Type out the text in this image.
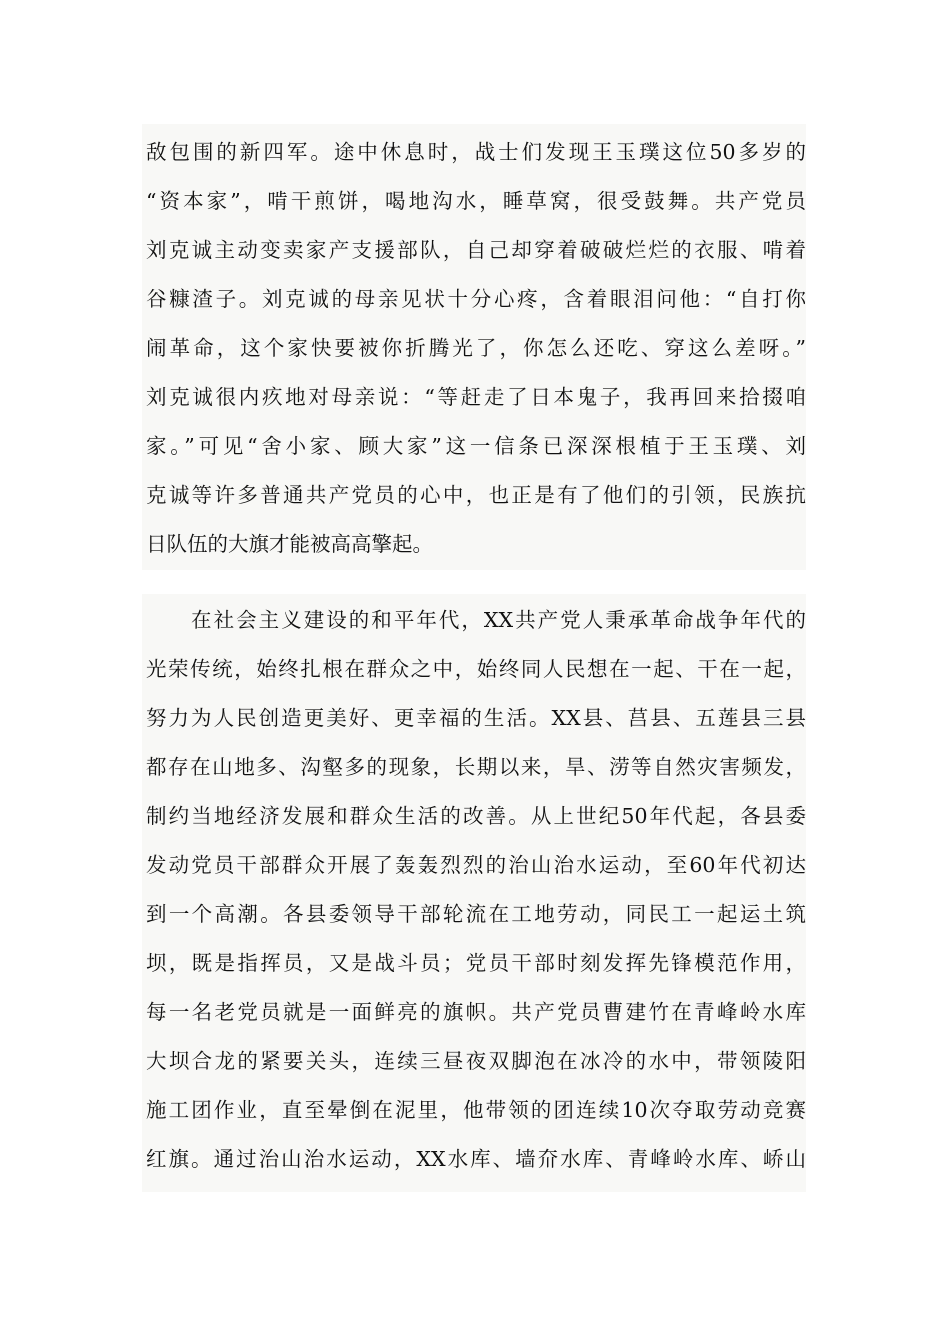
敌包围的新四军。途中休息时，战士们发现王玉璞这位50多岁的
“资本家”，啃干煎饼，喝地沟水，睡草窝，很受鼓舞。共产党员
刘克诚主动变卖家产支援部队，自己却穿着破破烂烂的衣服、啃着
谷糠渣子。刘克诚的母亲见状十分心疼，含着眼泪问他：“自打你
闹革命，这个家快要被你折腾光了，你怎么还吃、穿这么差呀。”
刘克诚很内疚地对母亲说：“等赶走了日本鬼子，我再回来拾掇咱
家。”可见“舍小家、顾大家”这一信条已深深根植于王玉璞、刘
克诚等许多普通共产党员的心中，也正是有了他们的引领，民族抗
日队伍的大旗才能被高高擎起。
　　在社会主义建设的和平年代，XX共产党人秉承革命战争年代的
光荣传统，始终扎根在群众之中，始终同人民想在一起、干在一起，
努力为人民创造更美好、更幸福的生活。XX县、莒县、五莲县三县
都存在山地多、沟壑多的现象，长期以来，旱、涝等自然灾害频发，
制约当地经济发展和群众生活的改善。从上世纪50年代起，各县委
发动党员干部群众开展了轰轰烈烈的治山治水运动，至60年代初达
到一个高潮。各县委领导干部轮流在工地劳动，同民工一起运土筑
坝，既是指挥员，又是战斗员；党员干部时刻发挥先锋模范作用，
每一名老党员就是一面鲜亮的旗帜。共产党员曹建竹在青峰岭水库
大坝合龙的紧要关头，连续三昼夜双脚泡在冰冷的水中，带领陵阳
施工团作业，直至晕倒在泥里，他带领的团连续10次夺取劳动竞赛
红旗。通过治山治水运动，XX水库、墙夼水库、青峰岭水库、峤山
